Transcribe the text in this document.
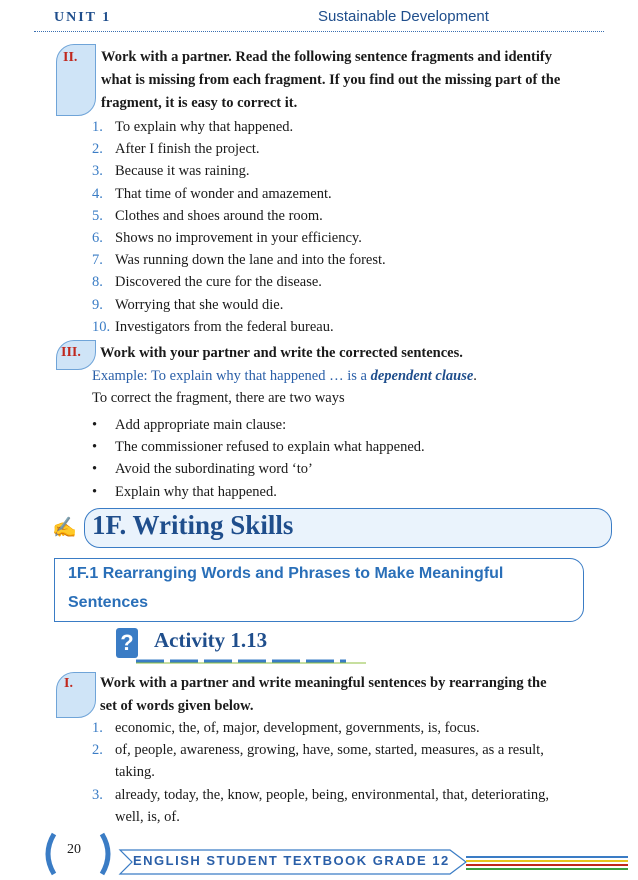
UNIT 1	Sustainable Development
II. Work with a partner. Read the following sentence fragments and identify
what is missing from each fragment. If you find out the missing part of the
fragment, it is easy to correct it.
1. To explain why that happened.
2. After I finish the project.
3. Because it was raining.
4. That time of wonder and amazement.
5. Clothes and shoes around the room.
6. Shows no improvement in your efficiency.
7. Was running down the lane and into the forest.
8. Discovered the cure for the disease.
9. Worrying that she would die.
10. Investigators from the federal bureau.
III. Work with your partner and write the corrected sentences.
Example: To explain why that happened … is a dependent clause.
To correct the fragment, there are two ways
• Add appropriate main clause:
• The commissioner refused to explain what happened.
• Avoid the subordinating word ‘to’
• Explain why that happened.
✍ 1F. Writing Skills
1F.1 Rearranging Words and Phrases to Make Meaningful
Sentences
? Activity 1.13
I. Work with a partner and write meaningful sentences by rearranging the
set of words given below.
1. economic, the, of, major, development, governments, is, focus.
2. of, people, awareness, growing, have, some, started, measures, as a result,
taking.
3. already, today, the, know, people, being, environmental, that, deteriorating,
well, is, of.
20
ENGLISH STUDENT TEXTBOOK GRADE 12
